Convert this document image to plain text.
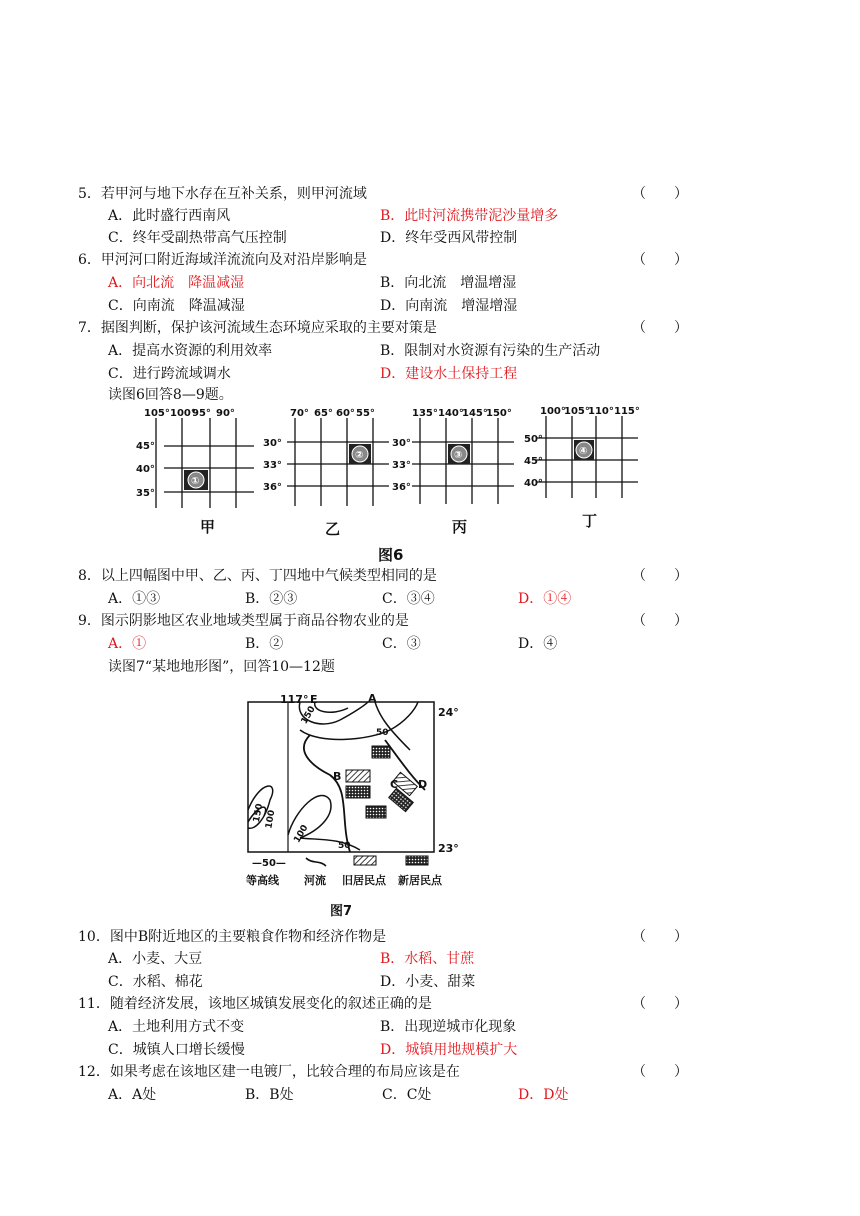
5．若甲河与地下水存在互补关系，则甲河流域	（　　）
A．此时盛行西南风	B．此时河流携带泥沙量增多
C．终年受副热带高气压控制	D．终年受西风带控制
6．甲河河口附近海域洋流流向及对沿岸影响是	（　　）
A．向北流　降温减湿	B．向北流　增温增湿
C．向南流　降温减湿	D．向南流　增湿增湿
7．据图判断，保护该河流域生态环境应采取的主要对策是	（　　）
A．提高水资源的利用效率	B．限制对水资源有污染的生产活动
C．进行跨流域调水	D．建设水土保持工程
读图6回答8—9题。
105° 100°
95° 90°
45°
40°
35°
①
甲
70° 65° 60° 55°
30°
33°
36°
②
乙
135° 140°
145°
150°
30°
33°
36°
③
丙
100°
105°
110° 115°
50°
45°
40°
④
丁
图6
8．以上四幅图中甲、乙、丙、丁四地中气候类型相同的是	（　　）
A．①③	B．②③	C．③④	D．①④
9．图示阴影地区农业地域类型属于商品谷物农业的是	（　　）
A．①	B．②	C．③	D．④
读图7“某地地形图”，回答10—12题
117° E	A
24°
B
C D
23°
150
50
150 100
100
50
—50—
等高线 河流 旧居民点 新居民点
图7
10．图中B附近地区的主要粮食作物和经济作物是	（　　）
A．小麦、大豆	B．水稻、甘蔗
C．水稻、棉花	D．小麦、甜菜
11．随着经济发展，该地区城镇发展变化的叙述正确的是	（　　）
A．土地利用方式不变	B．出现逆城市化现象
C．城镇人口增长缓慢	D．城镇用地规模扩大
12．如果考虑在该地区建一电镀厂，比较合理的布局应该是在	（　　）
A．A处	B．B处	C．C处	D．D处
